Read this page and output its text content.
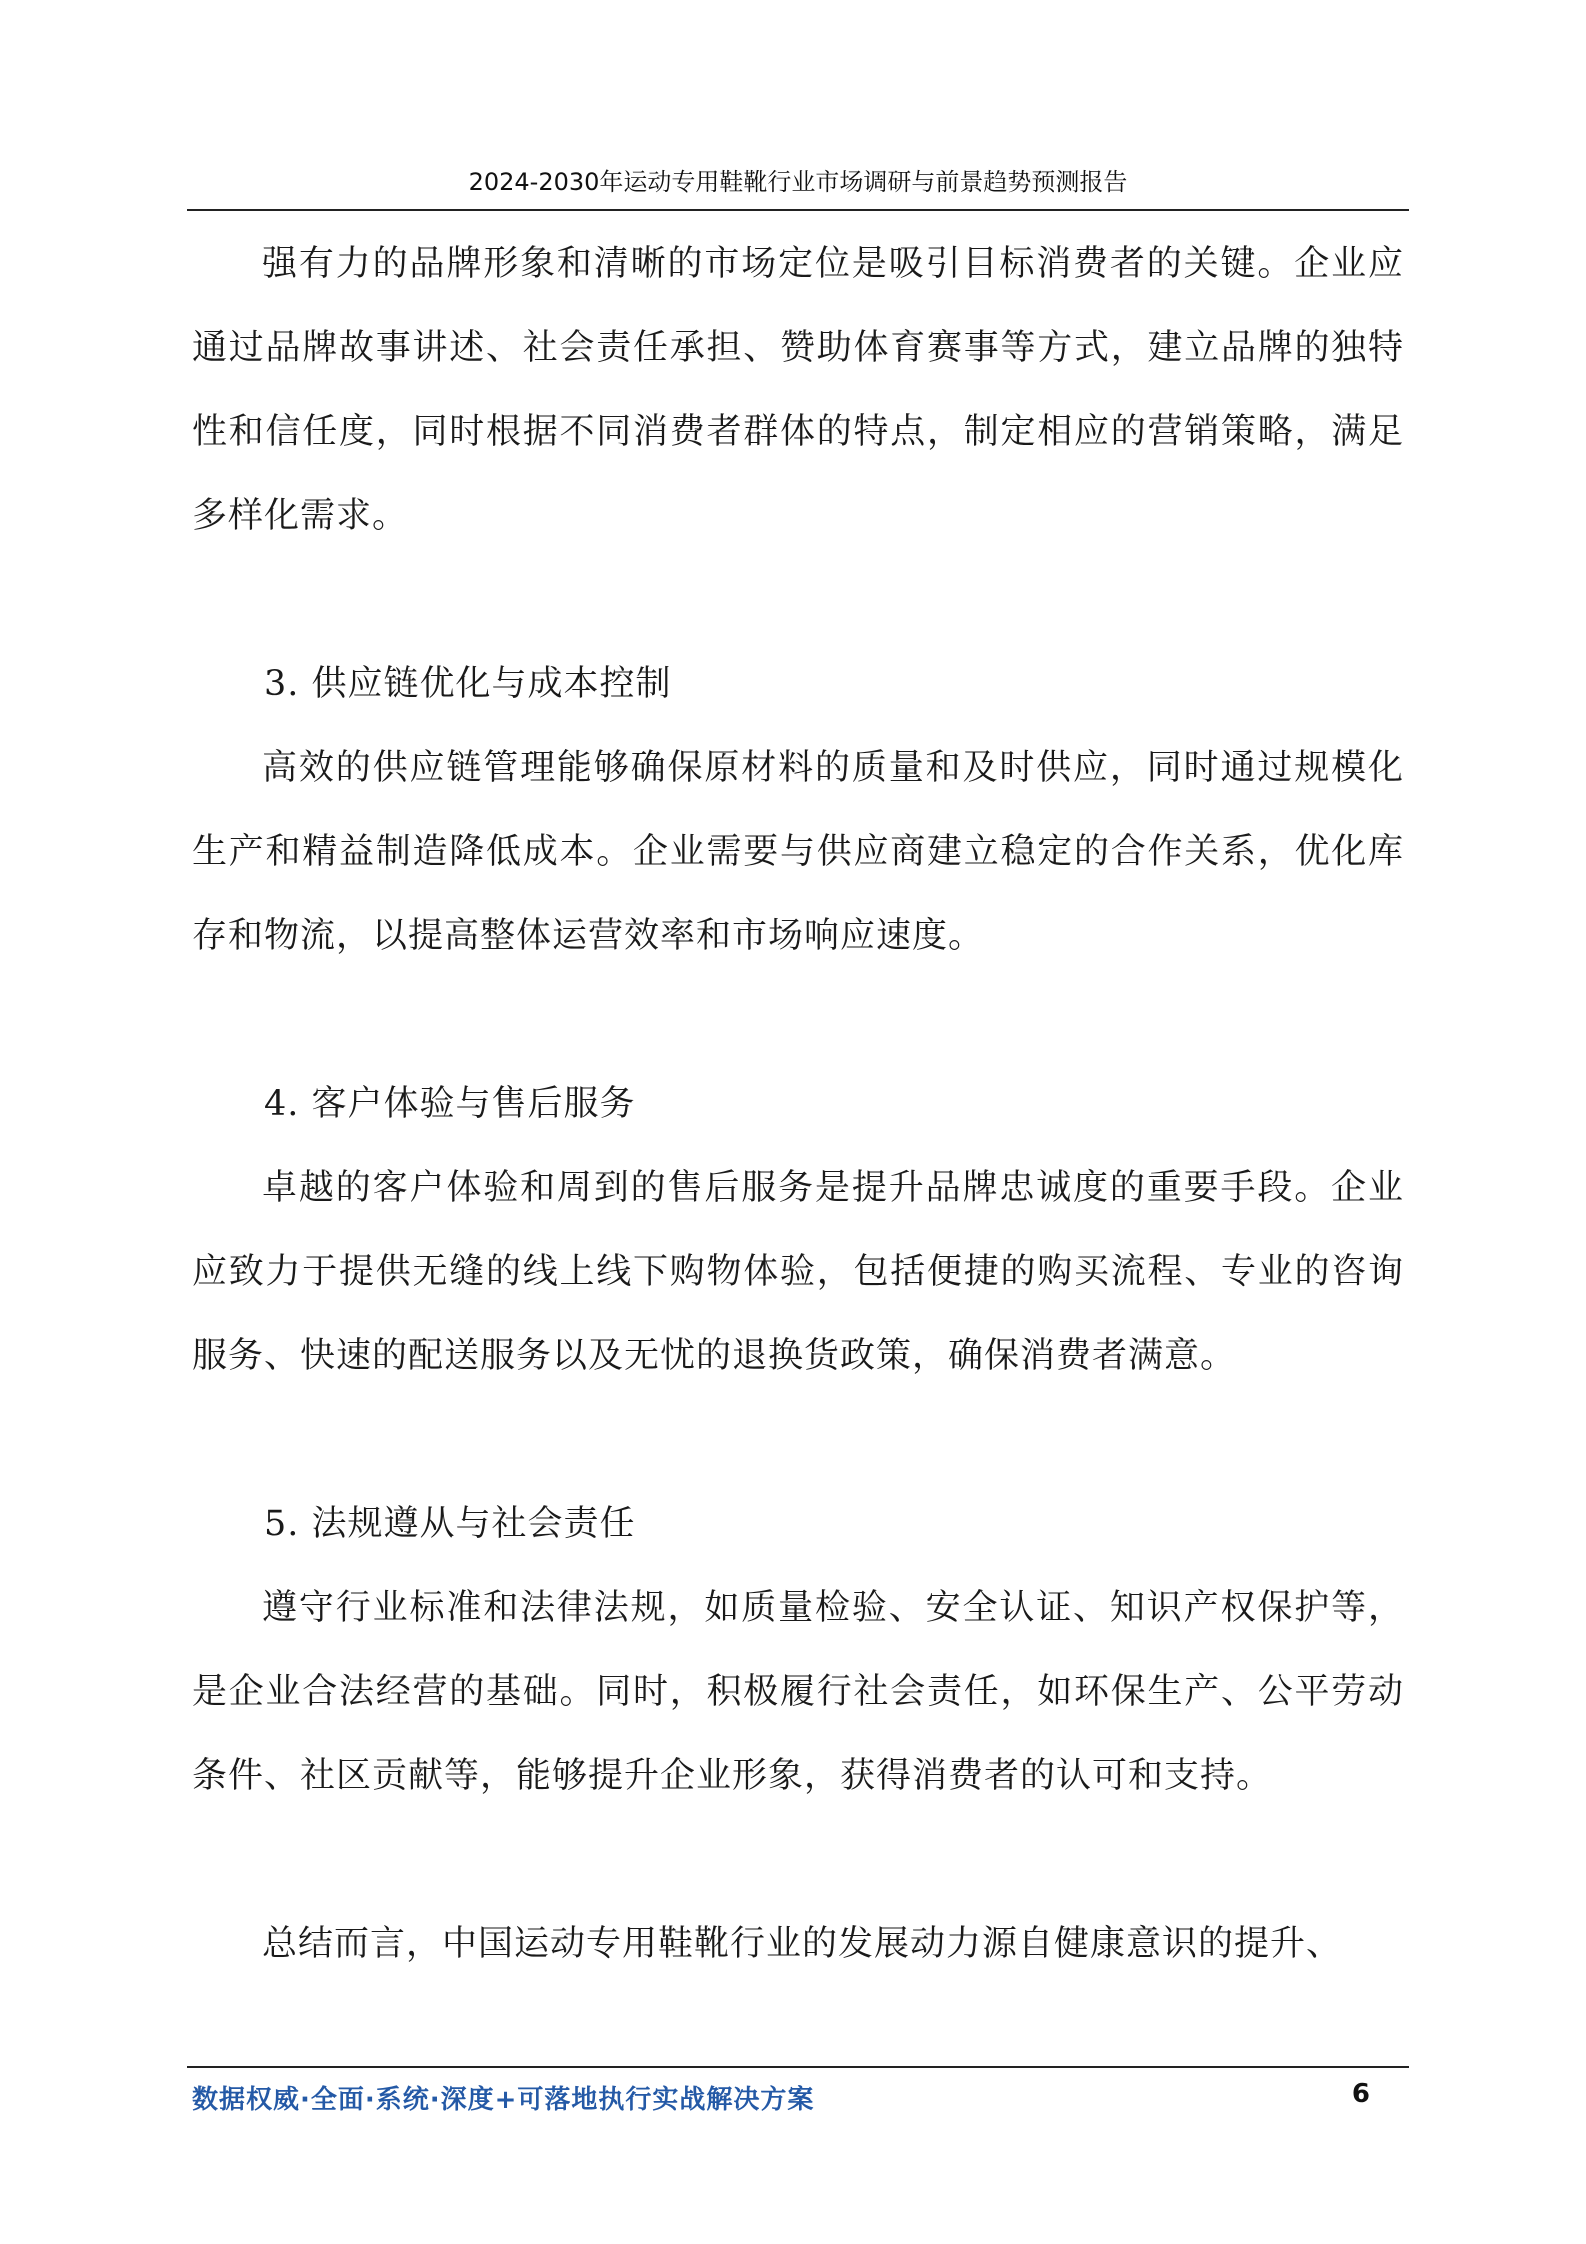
2024-2030年运动专用鞋靴行业市场调研与前景趋势预测报告

强有力的品牌形象和清晰的市场定位是吸引目标消费者的关键。企业应通过品牌故事讲述、社会责任承担、赞助体育赛事等方式，建立品牌的独特性和信任度，同时根据不同消费者群体的特点，制定相应的营销策略，满足多样化需求。

3. 供应链优化与成本控制

高效的供应链管理能够确保原材料的质量和及时供应，同时通过规模化生产和精益制造降低成本。企业需要与供应商建立稳定的合作关系，优化库存和物流，以提高整体运营效率和市场响应速度。

4. 客户体验与售后服务

卓越的客户体验和周到的售后服务是提升品牌忠诚度的重要手段。企业应致力于提供无缝的线上线下购物体验，包括便捷的购买流程、专业的咨询服务、快速的配送服务以及无忧的退换货政策，确保消费者满意。

5. 法规遵从与社会责任

遵守行业标准和法律法规，如质量检验、安全认证、知识产权保护等，是企业合法经营的基础。同时，积极履行社会责任，如环保生产、公平劳动条件、社区贡献等，能够提升企业形象，获得消费者的认可和支持。

总结而言，中国运动专用鞋靴行业的发展动力源自健康意识的提升、

数据权威·全面·系统·深度+可落地执行实战解决方案	6
